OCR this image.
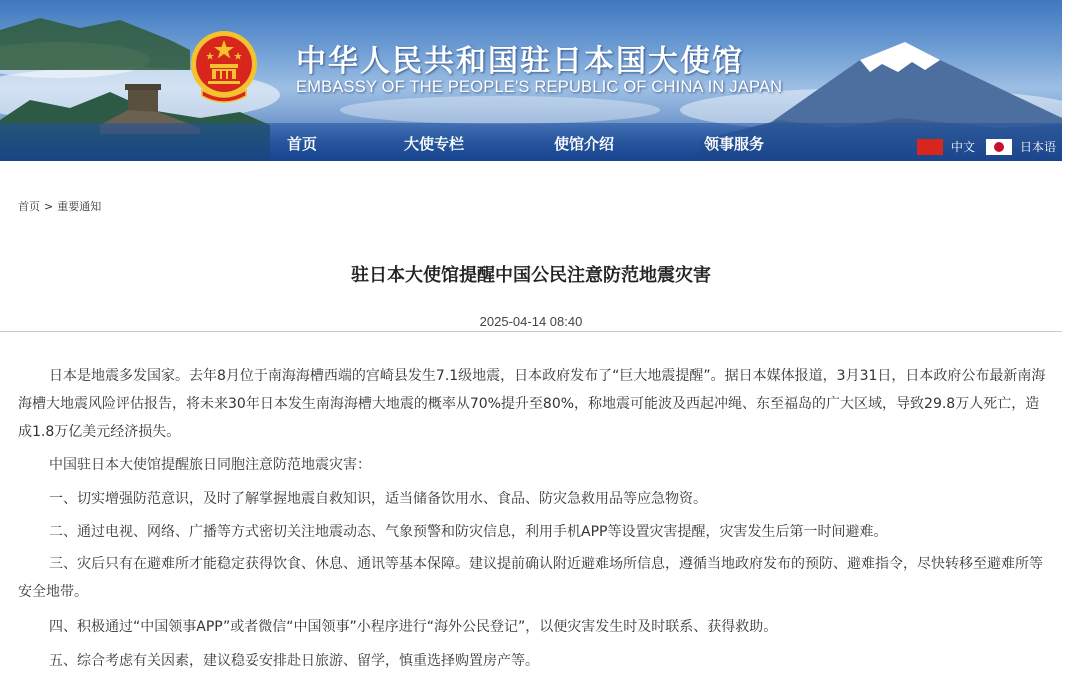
中华人民共和国驻日本国大使馆
EMBASSY OF THE PEOPLE'S REPUBLIC OF CHINA IN JAPAN
首页	大使专栏	使馆介绍	领事服务	中文	日本语
首页 > 重要通知
驻日本大使馆提醒中国公民注意防范地震灾害
2025-04-14 08:40

日本是地震多发国家。去年8月位于南海海槽西端的宫崎县发生7.1级地震，日本政府发布了“巨大地震提醒”。据日本媒体报道，3月31日，日本政府公布最新南海海槽大地震风险评估报告，将未来30年日本发生南海海槽大地震的概率从70%提升至80%，称地震可能波及西起冲绳、东至福岛的广大区域，导致29.8万人死亡，造成1.8万亿美元经济损失。

中国驻日本大使馆提醒旅日同胞注意防范地震灾害：

一、切实增强防范意识，及时了解掌握地震自救知识，适当储备饮用水、食品、防灾急救用品等应急物资。

二、通过电视、网络、广播等方式密切关注地震动态、气象预警和防灾信息，利用手机APP等设置灾害提醒，灾害发生后第一时间避难。

三、灾后只有在避难所才能稳定获得饮食、休息、通讯等基本保障。建议提前确认附近避难场所信息，遵循当地政府发布的预防、避难指令，尽快转移至避难所等安全地带。

四、积极通过“中国领事APP”或者微信“中国领事”小程序进行“海外公民登记”，以便灾害发生时及时联系、获得救助。

五、综合考虑有关因素，建议稳妥安排赴日旅游、留学，慎重选择购置房产等。
